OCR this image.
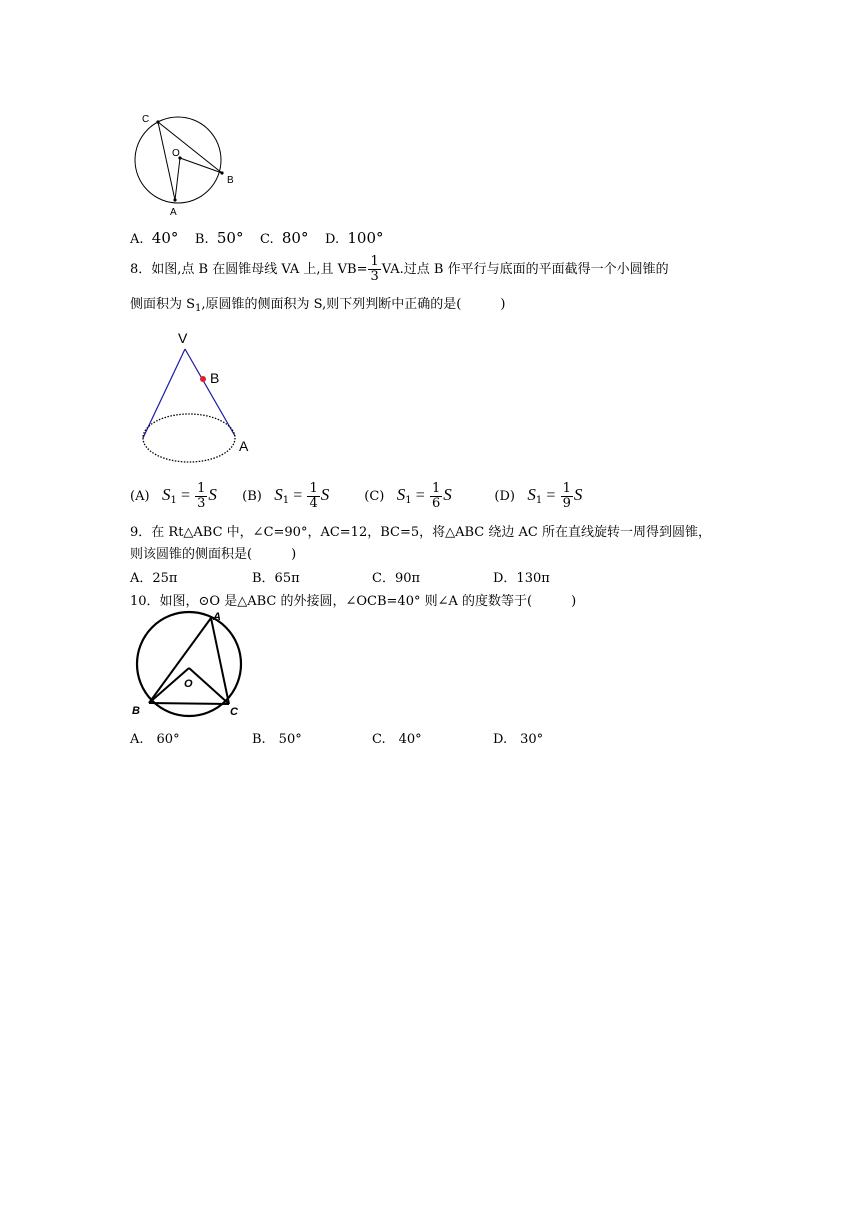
C
O
B
A
A. 40° B. 50° C. 80° D. 100°
8．如图,点 B 在圆锥母线 VA 上,且 $VB= \frac{1}{3}$ VA.过点 B 作平行与底面的平面截得一个小圆锥的
侧面积为 $S_1$,原圆锥的侧面积为 S,则下列判断中正确的是(　　　)
V
B
A
(A) $S_1 = \frac{1}{3}$ S (B) $S_1 = \frac{1}{4}$ S	(C) $S_1 = \frac{1}{6}$ S	(D) $S_1 = \frac{1}{9}$ S
9．在 Rt△ABC 中，∠C=90°，AC=12，BC=5，将△ABC 绕边 AC 所在直线旋转一周得到圆锥，
则该圆锥的侧面积是(　　　)
A．25π	B．65π	C．90π	D．130π
10．如图，⊙O 是△ABC 的外接圆，∠OCB=40° 则∠A 的度数等于(　　　)
A
O
B	C
A.　60°	B.　50°	C.　40°	D.　30°
